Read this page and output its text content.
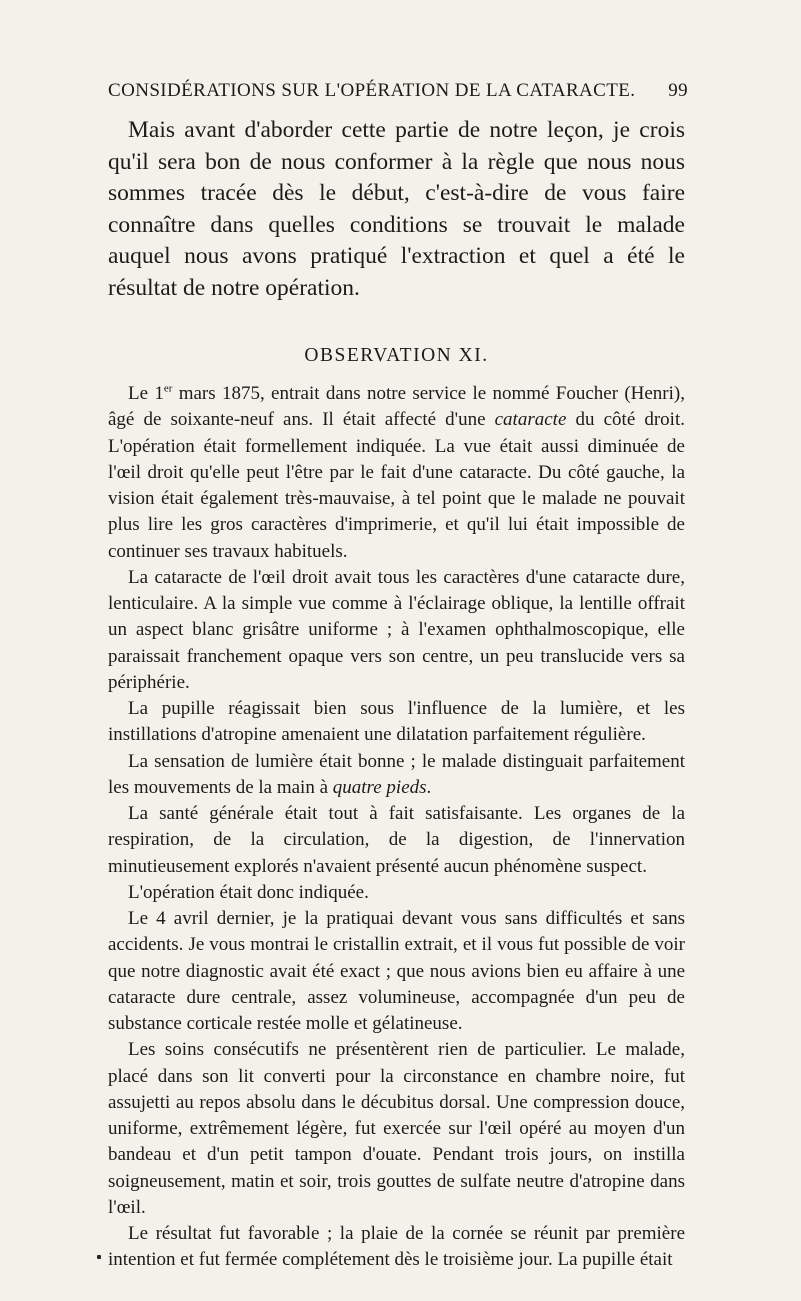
CONSIDÉRATIONS SUR L'OPÉRATION DE LA CATARACTE. 99

Mais avant d'aborder cette partie de notre leçon, je crois qu'il sera bon de nous conformer à la règle que nous nous sommes tracée dès le début, c'est-à-dire de vous faire connaître dans quelles conditions se trouvait le malade auquel nous avons pratiqué l'extraction et quel a été le résultat de notre opération.

OBSERVATION XI.

Le 1er mars 1875, entrait dans notre service le nommé Foucher (Henri), âgé de soixante-neuf ans. Il était affecté d'une cataracte du côté droit. L'opération était formellement indiquée. La vue était aussi diminuée de l'œil droit qu'elle peut l'être par le fait d'une cataracte. Du côté gauche, la vision était également très-mauvaise, à tel point que le malade ne pouvait plus lire les gros caractères d'imprimerie, et qu'il lui était impossible de continuer ses travaux habituels.

La cataracte de l'œil droit avait tous les caractères d'une cataracte dure, lenticulaire. A la simple vue comme à l'éclairage oblique, la lentille offrait un aspect blanc grisâtre uniforme ; à l'examen ophthalmoscopique, elle paraissait franchement opaque vers son centre, un peu translucide vers sa périphérie.

La pupille réagissait bien sous l'influence de la lumière, et les instillations d'atropine amenaient une dilatation parfaitement régulière.

La sensation de lumière était bonne ; le malade distinguait parfaitement les mouvements de la main à quatre pieds.

La santé générale était tout à fait satisfaisante. Les organes de la respiration, de la circulation, de la digestion, de l'innervation minutieusement explorés n'avaient présenté aucun phénomène suspect.

L'opération était donc indiquée.

Le 4 avril dernier, je la pratiquai devant vous sans difficultés et sans accidents. Je vous montrai le cristallin extrait, et il vous fut possible de voir que notre diagnostic avait été exact ; que nous avions bien eu affaire à une cataracte dure centrale, assez volumineuse, accompagnée d'un peu de substance corticale restée molle et gélatineuse.

Les soins consécutifs ne présentèrent rien de particulier. Le malade, placé dans son lit converti pour la circonstance en chambre noire, fut assujetti au repos absolu dans le décubitus dorsal. Une compression douce, uniforme, extrêmement légère, fut exercée sur l'œil opéré au moyen d'un bandeau et d'un petit tampon d'ouate. Pendant trois jours, on instilla soigneusement, matin et soir, trois gouttes de sulfate neutre d'atropine dans l'œil.

Le résultat fut favorable ; la plaie de la cornée se réunit par première intention et fut fermée complétement dès le troisième jour. La pupille était
